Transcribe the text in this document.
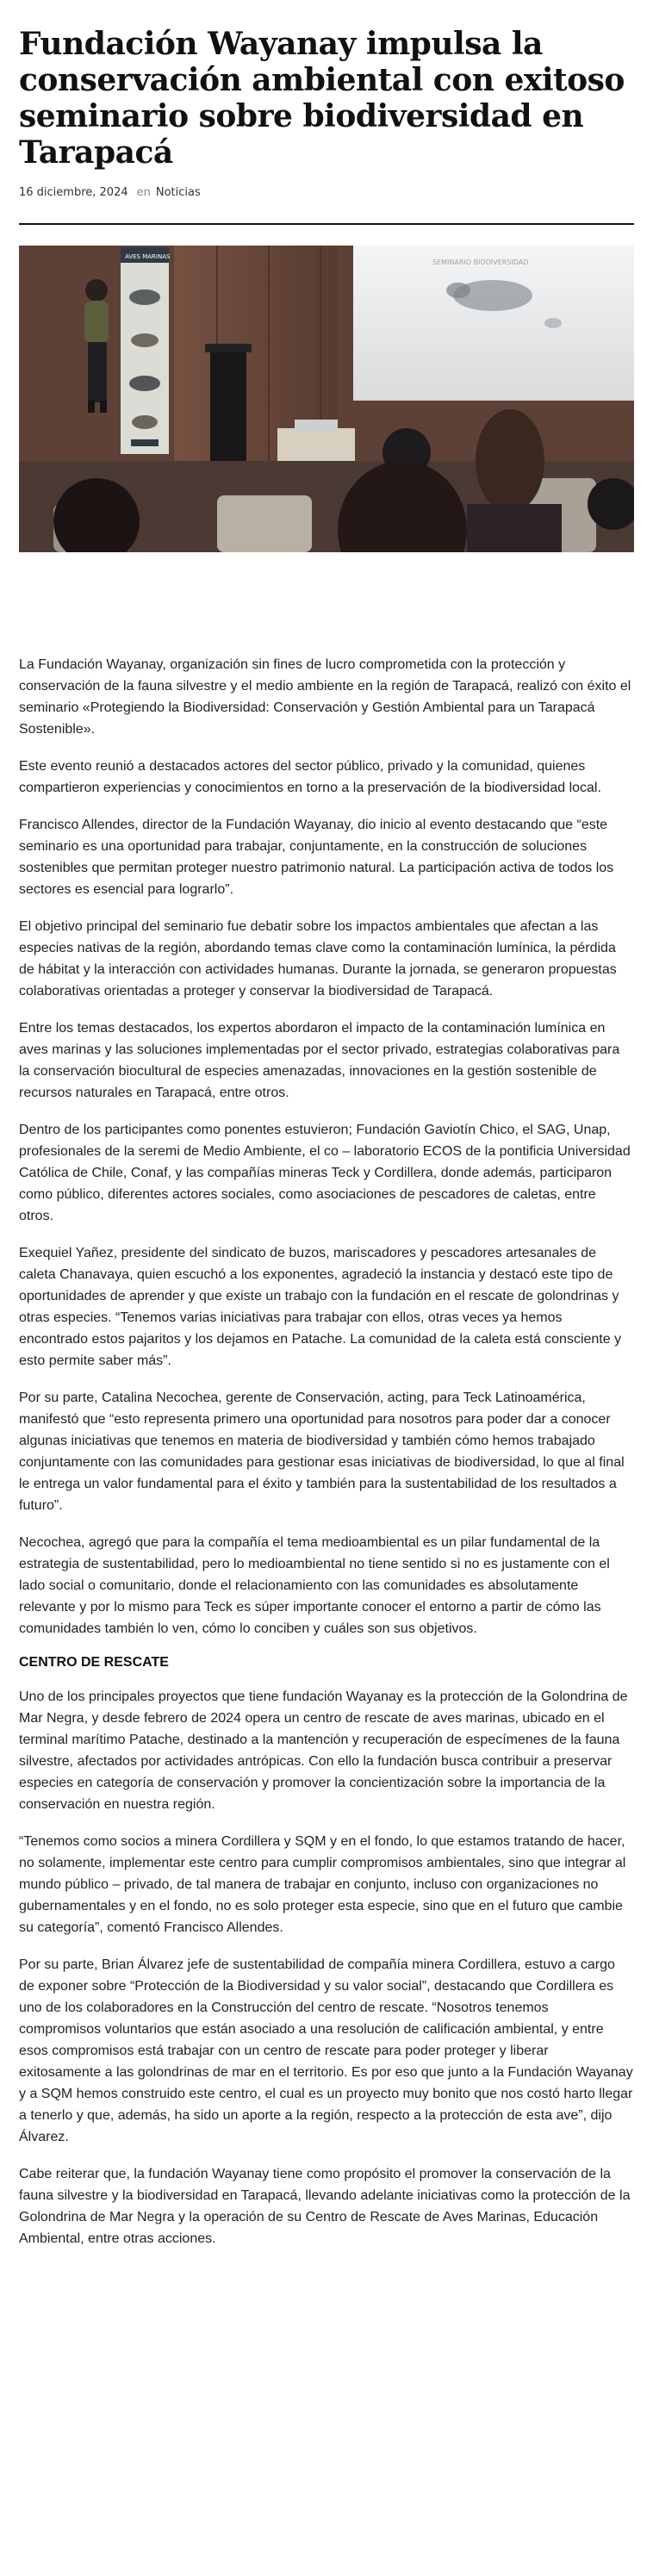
Fundación Wayanay impulsa la conservación ambiental con exitoso seminario sobre biodiversidad en Tarapacá
16 diciembre, 2024 en Noticias
SEMINARIO BIODIVERSIDAD
AVES MARINAS

La Fundación Wayanay, organización sin fines de lucro comprometida con la protección y conservación de la fauna silvestre y el medio ambiente en la región de Tarapacá, realizó con éxito el seminario «Protegiendo la Biodiversidad: Conservación y Gestión Ambiental para un Tarapacá Sostenible».

Este evento reunió a destacados actores del sector público, privado y la comunidad, quienes compartieron experiencias y conocimientos en torno a la preservación de la biodiversidad local.

Francisco Allendes, director de la Fundación Wayanay, dio inicio al evento destacando que “este seminario es una oportunidad para trabajar, conjuntamente, en la construcción de soluciones sostenibles que permitan proteger nuestro patrimonio natural. La participación activa de todos los sectores es esencial para lograrlo”.

El objetivo principal del seminario fue debatir sobre los impactos ambientales que afectan a las especies nativas de la región, abordando temas clave como la contaminación lumínica, la pérdida de hábitat y la interacción con actividades humanas. Durante la jornada, se generaron propuestas colaborativas orientadas a proteger y conservar la biodiversidad de Tarapacá.

Entre los temas destacados, los expertos abordaron el impacto de la contaminación lumínica en aves marinas y las soluciones implementadas por el sector privado, estrategias colaborativas para la conservación biocultural de especies amenazadas, innovaciones en la gestión sostenible de recursos naturales en Tarapacá, entre otros.

Dentro de los participantes como ponentes estuvieron; Fundación Gaviotín Chico, el SAG, Unap, profesionales de la seremi de Medio Ambiente, el co – laboratorio ECOS de la pontificia Universidad Católica de Chile, Conaf, y las compañías mineras Teck y Cordillera, donde además, participaron como público, diferentes actores sociales, como asociaciones de pescadores de caletas, entre otros.

Exequiel Yañez, presidente del sindicato de buzos, mariscadores y pescadores artesanales de caleta Chanavaya, quien escuchó a los exponentes, agradeció la instancia y destacó este tipo de oportunidades de aprender y que existe un trabajo con la fundación en el rescate de golondrinas y otras especies. “Tenemos varias iniciativas para trabajar con ellos, otras veces ya hemos encontrado estos pajaritos y los dejamos en Patache. La comunidad de la caleta está consciente y esto permite saber más”.

Por su parte, Catalina Necochea, gerente de Conservación, acting, para Teck Latinoamérica, manifestó que “esto representa primero una oportunidad para nosotros para poder dar a conocer algunas iniciativas que tenemos en materia de biodiversidad y también cómo hemos trabajado conjuntamente con las comunidades para gestionar esas iniciativas de biodiversidad, lo que al final le entrega un valor fundamental para el éxito y también para la sustentabilidad de los resultados a futuro”.

Necochea, agregó que para la compañía el tema medioambiental es un pilar fundamental de la estrategia de sustentabilidad, pero lo medioambiental no tiene sentido si no es justamente con el lado social o comunitario, donde el relacionamiento con las comunidades es absolutamente relevante y por lo mismo para Teck es súper importante conocer el entorno a partir de cómo las comunidades también lo ven, cómo lo conciben y cuáles son sus objetivos.

CENTRO DE RESCATE

Uno de los principales proyectos que tiene fundación Wayanay es la protección de la Golondrina de Mar Negra, y desde febrero de 2024 opera un centro de rescate de aves marinas, ubicado en el terminal marítimo Patache, destinado a la mantención y recuperación de especímenes de la fauna silvestre, afectados por actividades antrópicas. Con ello la fundación busca contribuir a preservar especies en categoría de conservación y promover la concientización sobre la importancia de la conservación en nuestra región.

“Tenemos como socios a minera Cordillera y SQM y en el fondo, lo que estamos tratando de hacer, no solamente, implementar este centro para cumplir compromisos ambientales, sino que integrar al mundo público – privado, de tal manera de trabajar en conjunto, incluso con organizaciones no gubernamentales y en el fondo, no es solo proteger esta especie, sino que en el futuro que cambie su categoría”, comentó Francisco Allendes.

Por su parte, Brian Álvarez jefe de sustentabilidad de compañía minera Cordillera, estuvo a cargo de exponer sobre “Protección de la Biodiversidad y su valor social”, destacando que Cordillera es uno de los colaboradores en la Construcción del centro de rescate. “Nosotros tenemos compromisos voluntarios que están asociado a una resolución de calificación ambiental, y entre esos compromisos está trabajar con un centro de rescate para poder proteger y liberar exitosamente a las golondrinas de mar en el territorio. Es por eso que junto a la Fundación Wayanay y a SQM hemos construido este centro, el cual es un proyecto muy bonito que nos costó harto llegar a tenerlo y que, además, ha sido un aporte a la región, respecto a la protección de esta ave”, dijo Álvarez.

Cabe reiterar que, la fundación Wayanay tiene como propósito el promover la conservación de la fauna silvestre y la biodiversidad en Tarapacá, llevando adelante iniciativas como la protección de la Golondrina de Mar Negra y la operación de su Centro de Rescate de Aves Marinas, Educación Ambiental, entre otras acciones.
